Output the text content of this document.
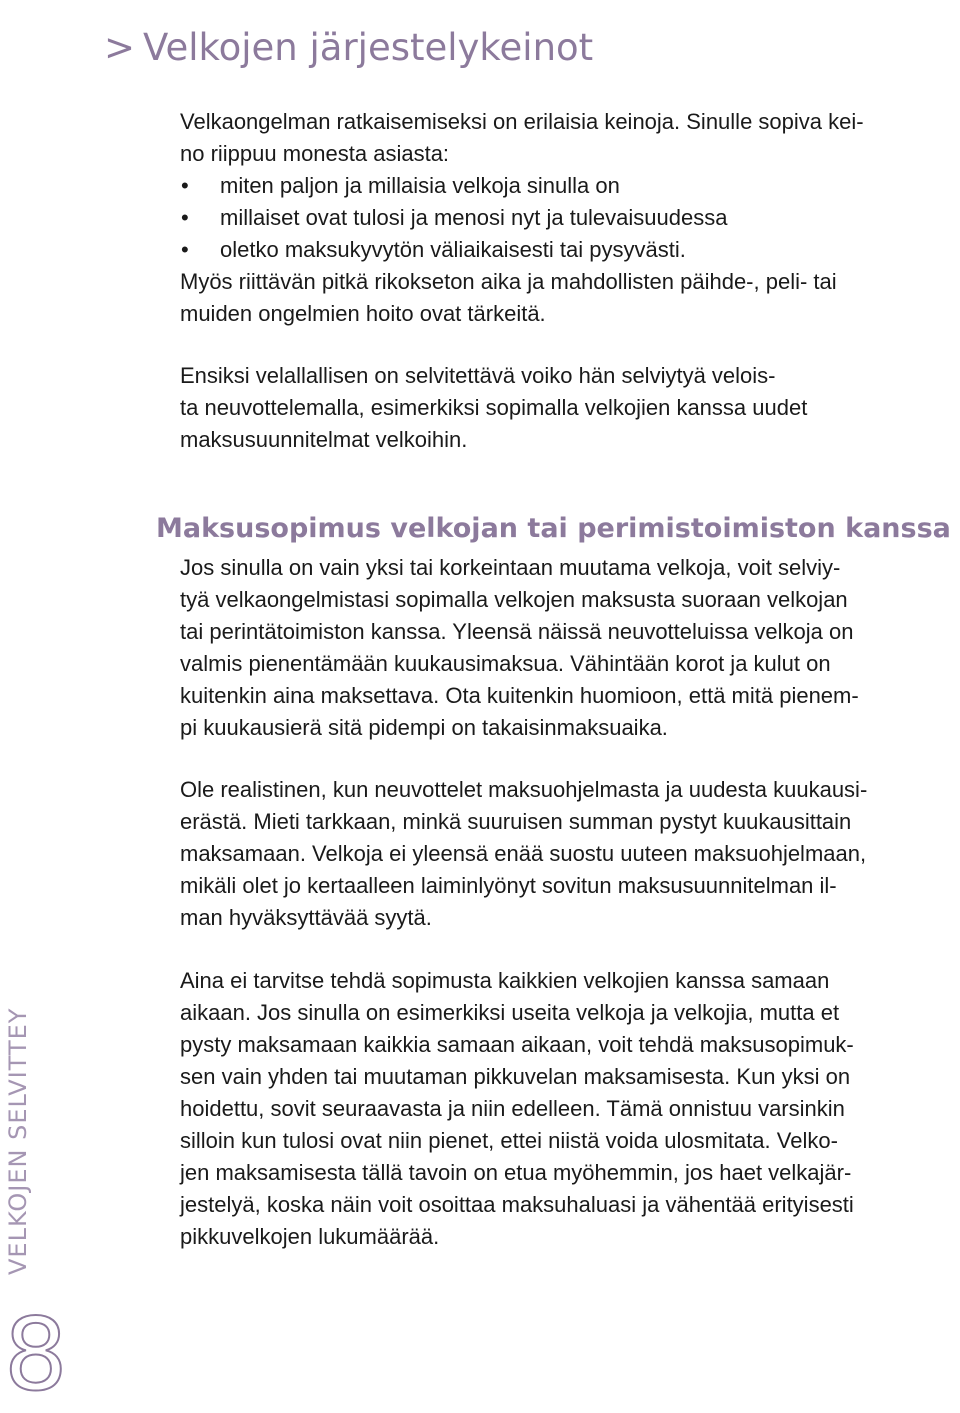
> Velkojen järjestelykeinot
Velkaongelman ratkaisemiseksi on erilaisia keinoja. Sinulle sopiva kei-
no riippuu monesta asiasta:
• miten paljon ja millaisia velkoja sinulla on
• millaiset ovat tulosi ja menosi nyt ja tulevaisuudessa
• oletko maksukyvytön väliaikaisesti tai pysyvästi.
Myös riittävän pitkä rikokseton aika ja mahdollisten päihde-, peli- tai
muiden ongelmien hoito ovat tärkeitä.
Ensiksi velallallisen on selvitettävä voiko hän selviytyä velois-
ta neuvottelemalla, esimerkiksi sopimalla velkojien kanssa uudet
maksusuunnitelmat velkoihin.
Maksusopimus velkojan tai perimistoimiston kanssa
Jos sinulla on vain yksi tai korkeintaan muutama velkoja, voit selviy-
tyä velkaongelmistasi sopimalla velkojen maksusta suoraan velkojan
tai perintätoimiston kanssa. Yleensä näissä neuvotteluissa velkoja on
valmis pienentämään kuukausimaksua. Vähintään korot ja kulut on
kuitenkin aina maksettava. Ota kuitenkin huomioon, että mitä pienem-
pi kuukausierä sitä pidempi on takaisinmaksuaika.
Ole realistinen, kun neuvottelet maksuohjelmasta ja uudesta kuukausi-
erästä. Mieti tarkkaan, minkä suuruisen summan pystyt kuukausittain
maksamaan. Velkoja ei yleensä enää suostu uuteen maksuohjelmaan,
mikäli olet jo kertaalleen laiminlyönyt sovitun maksusuunnitelman il-
man hyväksyttävää syytä.
Aina ei tarvitse tehdä sopimusta kaikkien velkojien kanssa samaan
aikaan. Jos sinulla on esimerkiksi useita velkoja ja velkojia, mutta et
pysty maksamaan kaikkia samaan aikaan, voit tehdä maksusopimuk-
sen vain yhden tai muutaman pikkuvelan maksamisesta. Kun yksi on
hoidettu, sovit seuraavasta ja niin edelleen. Tämä onnistuu varsinkin
silloin kun tulosi ovat niin pienet, ettei niistä voida ulosmitata. Velko-
jen maksamisesta tällä tavoin on etua myöhemmin, jos haet velkajär-
jestelyä, koska näin voit osoittaa maksuhaluasi ja vähentää erityisesti
pikkuvelkojen lukumäärää.
VELKOJEN SELVITTEY
8
